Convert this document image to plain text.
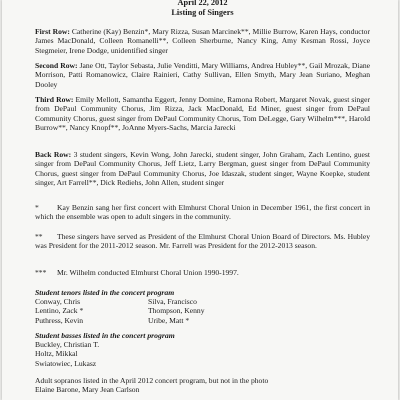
April 22, 2012
Listing of Singers
First Row: Catherine (Kay) Benzin*, Mary Rizza, Susan Marcinek**, Millie Burrow, Karen Hays, conductor James MacDonald, Colleen Romanelli**, Colleen Sherburne, Nancy King, Amy Kesman Rossi, Joyce Stegmeier, Irene Dodge, unidentified singer
Second Row: Jane Ott, Taylor Sebasta, Julie Venditti, Mary Williams, Andrea Hubley**, Gail Mrozak, Diane Morrison, Patti Romanowicz, Claire Rainieri, Cathy Sullivan, Ellen Smyth, Mary Jean Suriano, Meghan Dooley
Third Row: Emily Mellott, Samantha Eggert, Jenny Domine, Ramona Robert, Margaret Novak, guest singer from DePaul Community Chorus, Jim Rizza, Jack MacDonald, Ed Miner, guest singer from DePaul Community Chorus, guest singer from DePaul Community Chorus, Tom DeLegge, Gary Wilhelm***, Harold Burrow**, Nancy Knopf**, JoAnne Myers-Sachs, Marcia Jarecki
Back Row: 3 student singers, Kevin Wong, John Jarecki, student singer, John Graham, Zach Lentino, guest singer from DePaul Community Chorus, Jeff Lietz, Larry Bergman, guest singer from DePaul Community Chorus, guest singer from DePaul Community Chorus, Joe Idaszak, student singer, Wayne Koepke, student singer, Art Farrell**, Dick Rediehs, John Allen, student singer
* Kay Benzin sang her first concert with Elmhurst Choral Union in December 1961, the first concert in which the ensemble was open to adult singers in the community.
** These singers have served as President of the Elmhurst Choral Union Board of Directors. Ms. Hubley was President for the 2011-2012 season. Mr. Farrell was President for the 2012-2013 season.
*** Mr. Wilhelm conducted Elmhurst Choral Union 1990-1997.
Student tenors listed in the concert program
Conway, Chris	Silva, Francisco
Lentino, Zack *	Thompson, Kenny
Puthress, Kevin	Uribe, Matt *
Student basses listed in the concert program
Buckley, Christian T.
Holtz, Mikkal
Swiatowiec, Lukasz
Adult sopranos listed in the April 2012 concert program, but not in the photo
Elaine Barone, Mary Jean Carlson
